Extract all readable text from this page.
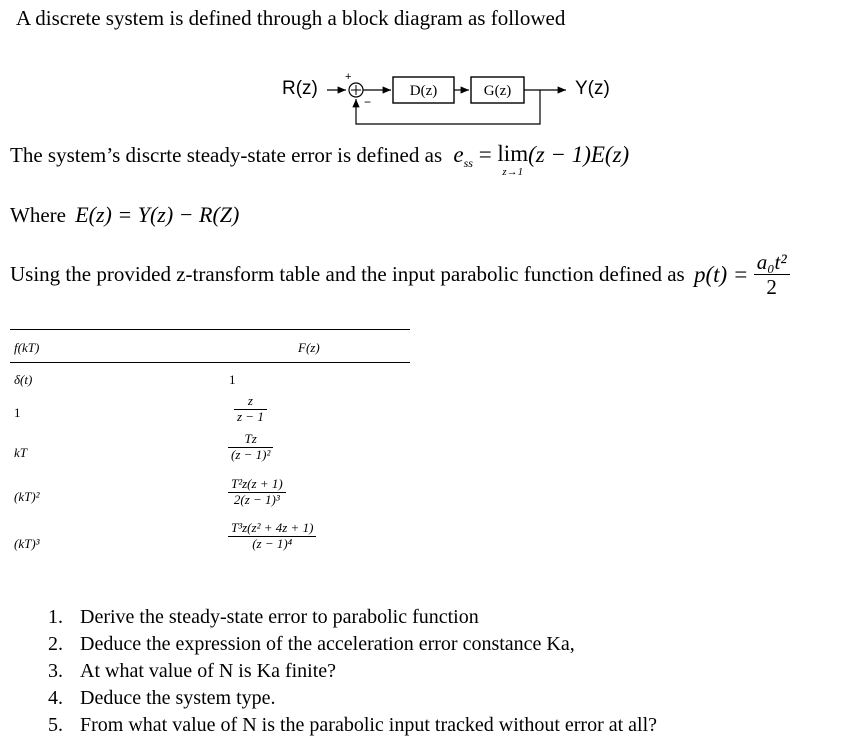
A discrete system is defined through a block diagram as followed
+
−
D(z)	G(z)
R(z)	Y(z)
The system’s discrte steady-state error is defined as $e_{ss} = \lim$
z→1
(z − 1)E(z)
Where E(z) = Y(z) − R(Z)
Using the provided z-transform table and the input parabolic function defined as $p(t) = \frac{\text{a₀t²}}{2}$
f(kT)	F(z)
δ(t)	1
1	$\frac{z}{z - 1}$
kT	$\frac{Tz}{\text{(z − 1)²}}$
(kT)²	$\frac{\text{T²z(z + 1)}}{\text{2(z − 1)³}}$
(kT)³	$\frac{\text{T³z(z² + 4z + 1)}}{\text{(z − 1)⁴}}$
1. Derive the steady-state error to parabolic function
2. Deduce the expression of the acceleration error constance Ka,
3. At what value of N is Ka finite?
4. Deduce the system type.
5. From what value of N is the parabolic input tracked without error at all?
